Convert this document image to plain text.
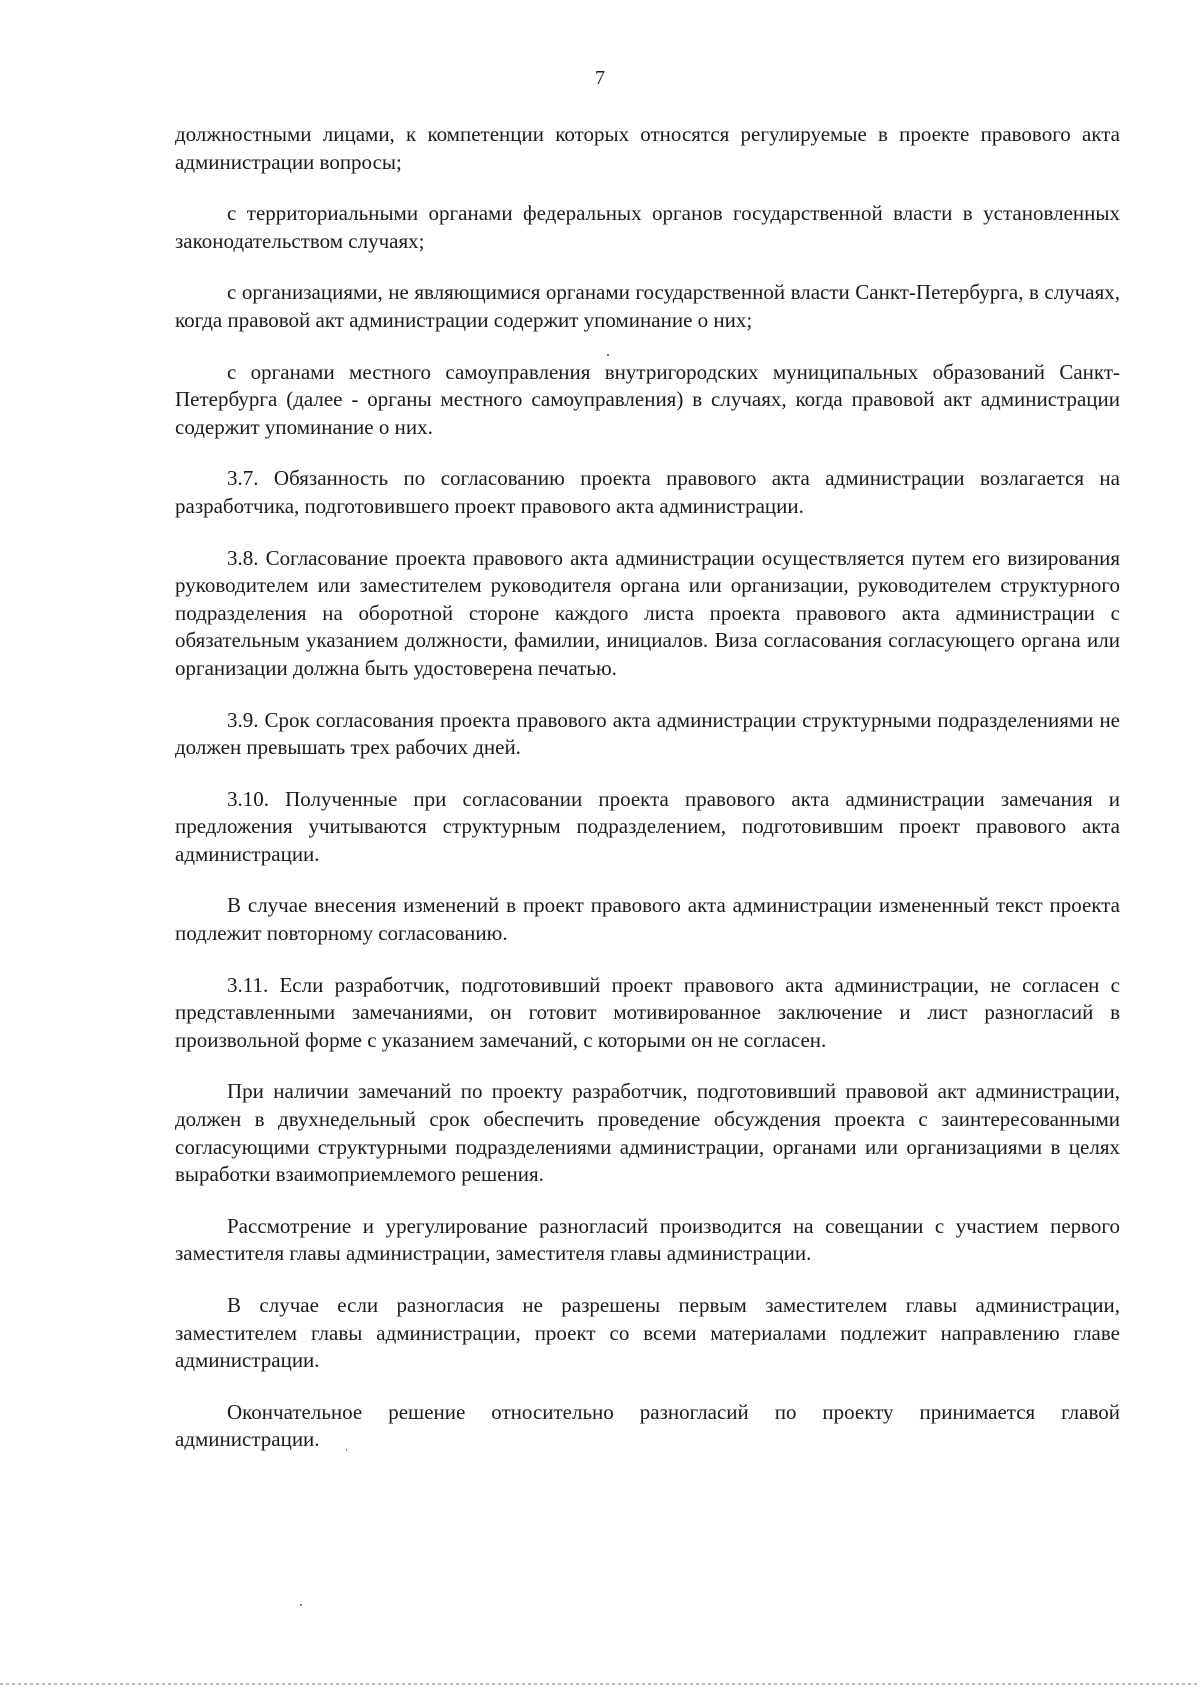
7

должностными лицами, к компетенции которых относятся регулируемые в проекте правового акта администрации вопросы;

с территориальными органами федеральных органов государственной власти в установленных законодательством случаях;

с организациями, не являющимися органами государственной власти Санкт-Петербурга, в случаях, когда правовой акт администрации содержит упоминание о них;

с органами местного самоуправления внутригородских муниципальных образований Санкт-Петербурга (далее - органы местного самоуправления) в случаях, когда правовой акт администрации содержит упоминание о них.

3.7. Обязанность по согласованию проекта правового акта администрации возлагается на разработчика, подготовившего проект правового акта администрации.

3.8. Согласование проекта правового акта администрации осуществляется путем его визирования руководителем или заместителем руководителя органа или организации, руководителем структурного подразделения на оборотной стороне каждого листа проекта правового акта администрации с обязательным указанием должности, фамилии, инициалов. Виза согласования согласующего органа или организации должна быть удостоверена печатью.

3.9. Срок согласования проекта правового акта администрации структурными подразделениями не должен превышать трех рабочих дней.

3.10. Полученные при согласовании проекта правового акта администрации замечания и предложения учитываются структурным подразделением, подготовившим проект правового акта администрации.

В случае внесения изменений в проект правового акта администрации измененный текст проекта подлежит повторному согласованию.

3.11. Если разработчик, подготовивший проект правового акта администрации, не согласен с представленными замечаниями, он готовит мотивированное заключение и лист разногласий в произвольной форме с указанием замечаний, с которыми он не согласен.

При наличии замечаний по проекту разработчик, подготовивший правовой акт администрации, должен в двухнедельный срок обеспечить проведение обсуждения проекта с заинтересованными согласующими структурными подразделениями администрации, органами или организациями в целях выработки взаимоприемлемого решения.

Рассмотрение и урегулирование разногласий производится на совещании с участием первого заместителя главы администрации, заместителя главы администрации.

В случае если разногласия не разрешены первым заместителем главы администрации, заместителем главы администрации, проект со всеми материалами подлежит направлению главе администрации.

Окончательное решение относительно разногласий по проекту принимается главой администрации.
